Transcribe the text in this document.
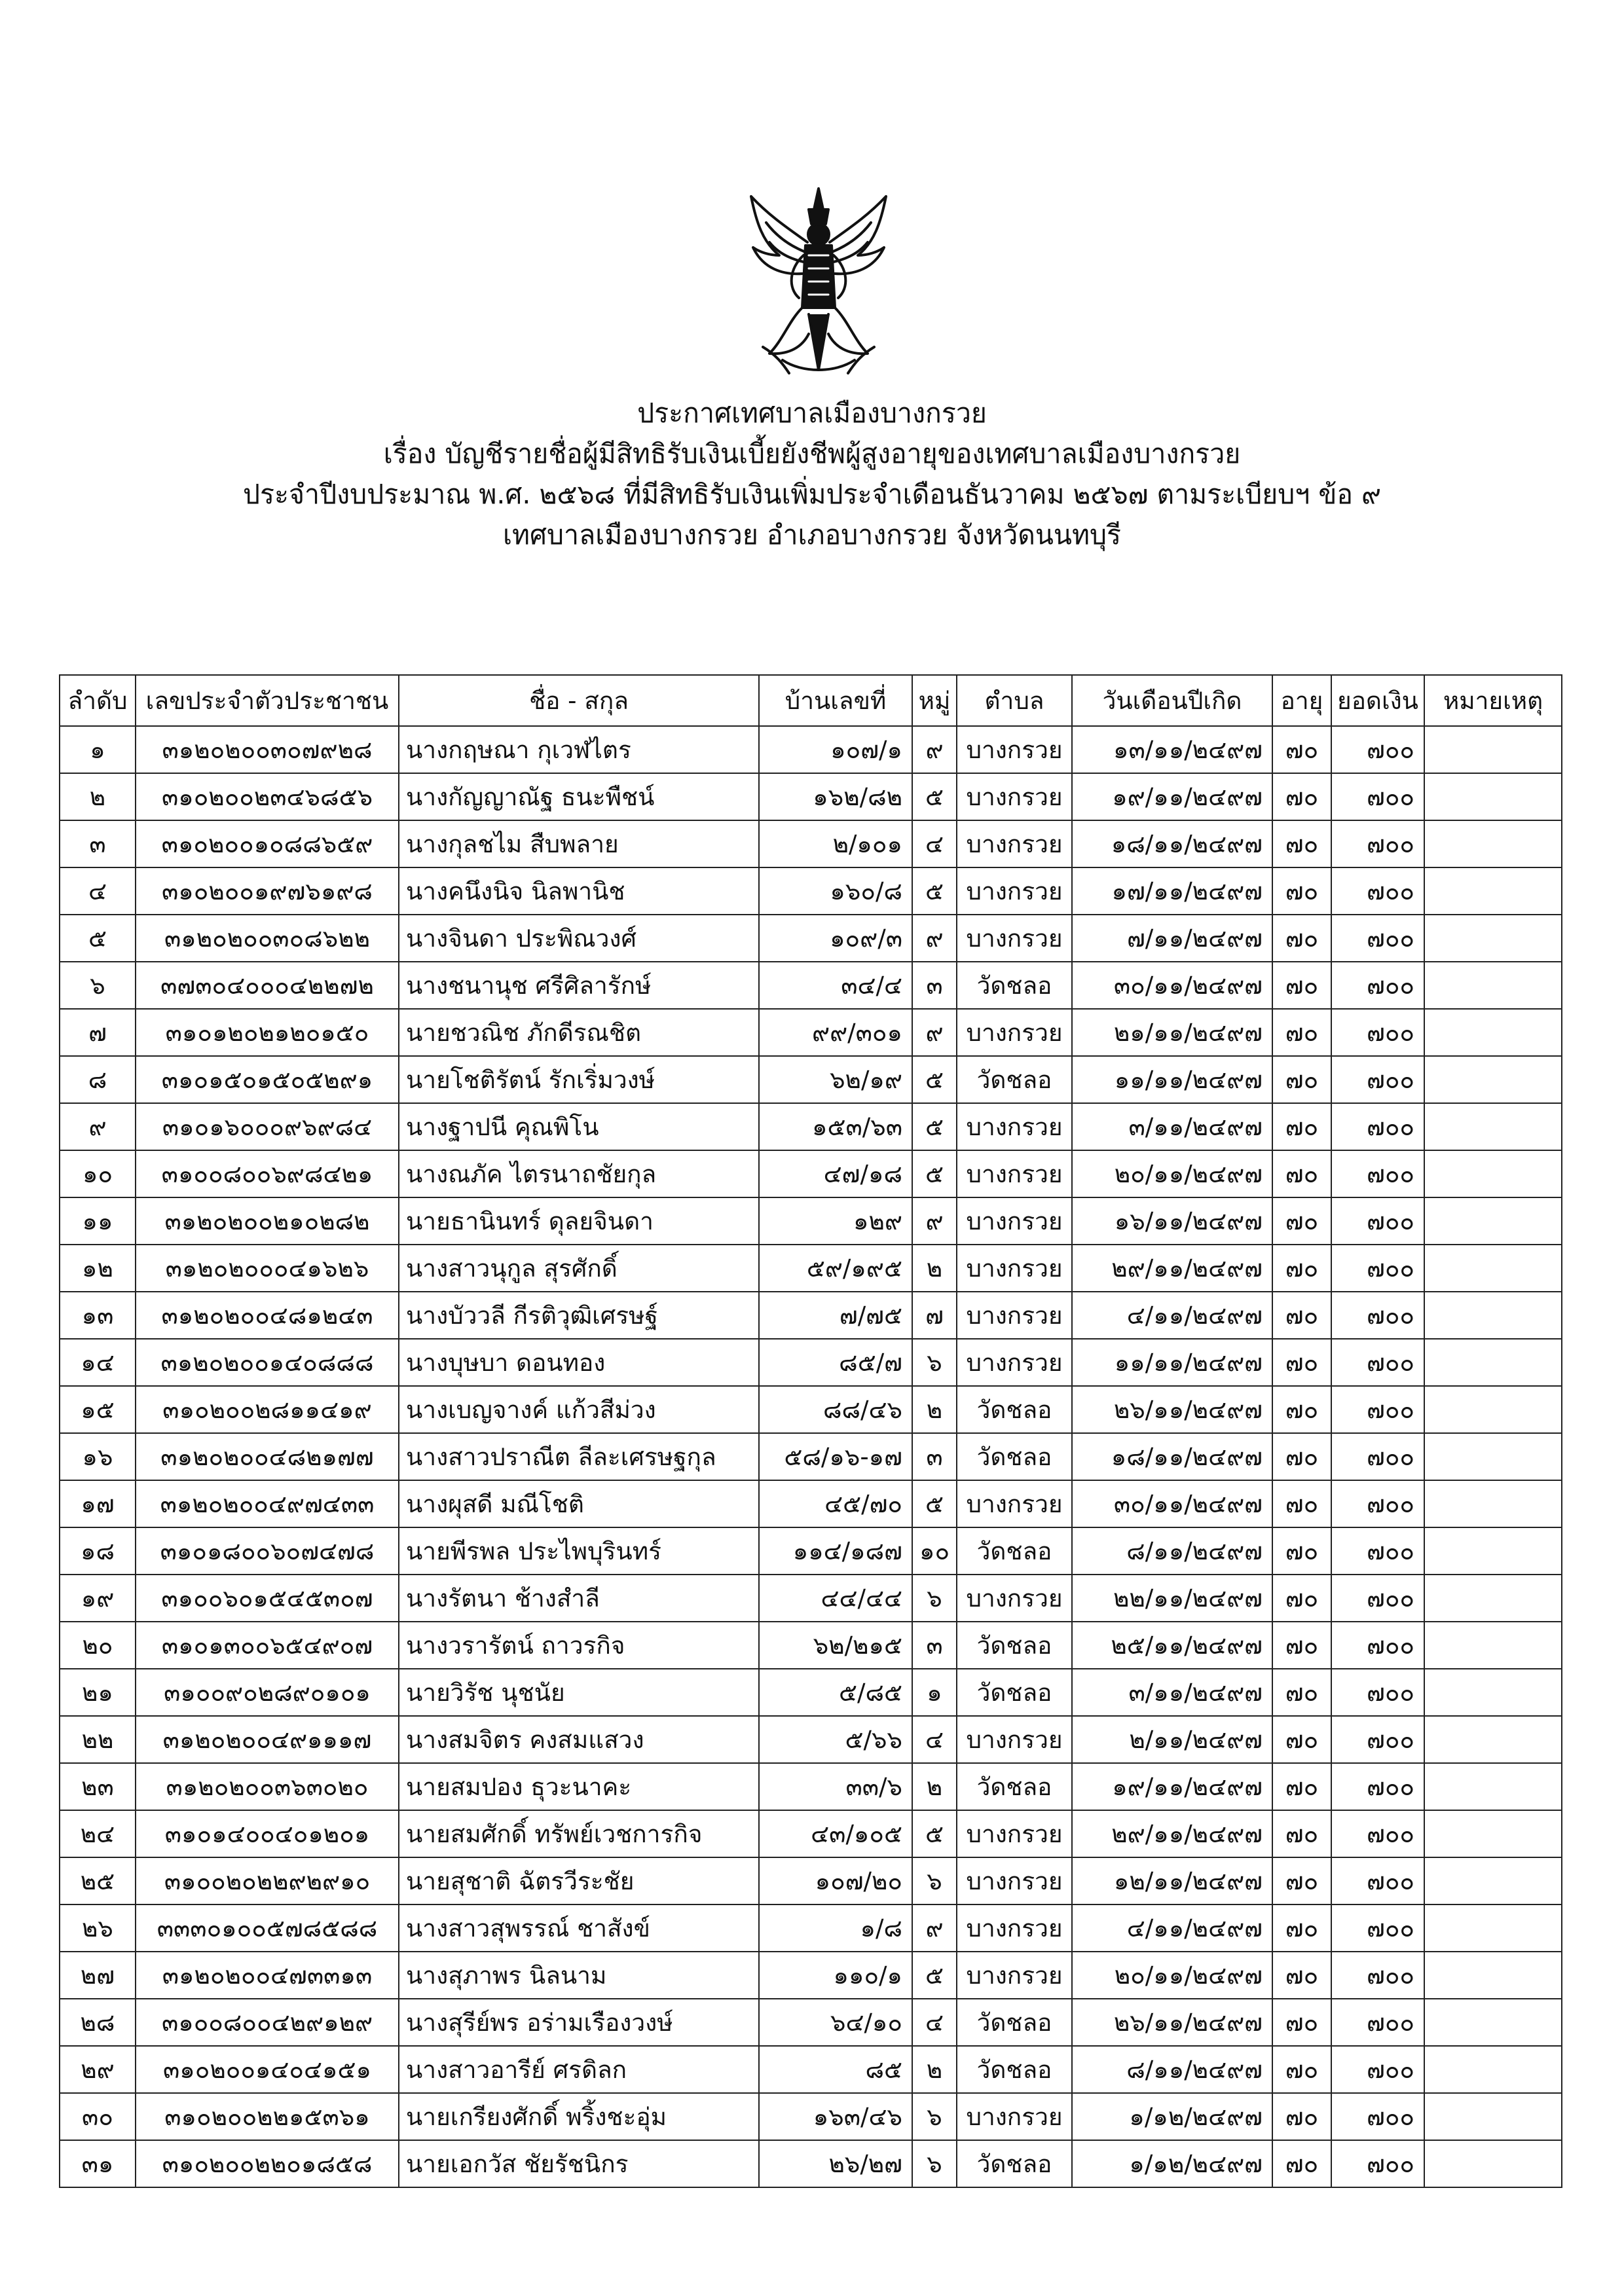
ประกาศเทศบาลเมืองบางกรวย
เรื่อง บัญชีรายชื่อผู้มีสิทธิรับเงินเบี้ยยังชีพผู้สูงอายุของเทศบาลเมืองบางกรวย
ประจำปีงบประมาณ พ.ศ. ๒๕๖๘ ที่มีสิทธิรับเงินเพิ่มประจำเดือนธันวาคม ๒๕๖๗ ตามระเบียบฯ ข้อ ๙
เทศบาลเมืองบางกรวย อำเภอบางกรวย จังหวัดนนทบุรี
ลำดับ	เลขประจำตัวประชาชน	ชื่อ - สกุล	บ้านเลขที่	หมู่	ตำบล	วันเดือนปีเกิด	อายุ	ยอดเงิน	หมายเหตุ
๑	๓๑๒๐๒๐๐๓๐๗๙๒๘	นางกฤษณา กุเวฬไตร	๑๐๗/๑	๙	บางกรวย	๑๓/๑๑/๒๔๙๗	๗๐	๗๐๐	
๒	๓๑๐๒๐๐๒๓๔๖๘๕๖	นางกัญญาณัฐ ธนะพืชน์	๑๖๒/๘๒	๕	บางกรวย	๑๙/๑๑/๒๔๙๗	๗๐	๗๐๐	
๓	๓๑๐๒๐๐๑๐๘๘๖๕๙	นางกุลชไม สืบพลาย	๒/๑๐๑	๔	บางกรวย	๑๘/๑๑/๒๔๙๗	๗๐	๗๐๐	
๔	๓๑๐๒๐๐๑๙๗๖๑๙๘	นางคนึงนิจ นิลพานิช	๑๖๐/๘	๕	บางกรวย	๑๗/๑๑/๒๔๙๗	๗๐	๗๐๐	
๕	๓๑๒๐๒๐๐๓๐๘๖๒๒	นางจินดา ประพิณวงศ์	๑๐๙/๓	๙	บางกรวย	๗/๑๑/๒๔๙๗	๗๐	๗๐๐	
๖	๓๗๓๐๔๐๐๐๔๒๒๗๒	นางชนานุช ศรีศิลารักษ์	๓๔/๔	๓	วัดชลอ	๓๐/๑๑/๒๔๙๗	๗๐	๗๐๐	
๗	๓๑๐๑๒๐๒๑๒๐๑๕๐	นายชวณิช ภักดีรณชิต	๙๙/๓๐๑	๙	บางกรวย	๒๑/๑๑/๒๔๙๗	๗๐	๗๐๐	
๘	๓๑๐๑๕๐๑๕๐๕๒๙๑	นายโชติรัตน์ รักเริ่มวงษ์	๖๒/๑๙	๕	วัดชลอ	๑๑/๑๑/๒๔๙๗	๗๐	๗๐๐	
๙	๓๑๐๑๖๐๐๐๙๖๙๘๔	นางฐาปนี คุณพิโน	๑๕๓/๖๓	๕	บางกรวย	๓/๑๑/๒๔๙๗	๗๐	๗๐๐	
๑๐	๓๑๐๐๘๐๐๖๙๘๔๒๑	นางณภัค ไตรนาถชัยกุล	๔๗/๑๘	๕	บางกรวย	๒๐/๑๑/๒๔๙๗	๗๐	๗๐๐	
๑๑	๓๑๒๐๒๐๐๒๑๐๒๘๒	นายธานินทร์ ดุลยจินดา	๑๒๙	๙	บางกรวย	๑๖/๑๑/๒๔๙๗	๗๐	๗๐๐	
๑๒	๓๑๒๐๒๐๐๐๔๑๖๒๖	นางสาวนุกูล สุรศักดิ์	๕๙/๑๙๕	๒	บางกรวย	๒๙/๑๑/๒๔๙๗	๗๐	๗๐๐	
๑๓	๓๑๒๐๒๐๐๔๘๑๒๔๓	นางบัววลี กีรติวุฒิเศรษฐ์	๗/๗๕	๗	บางกรวย	๔/๑๑/๒๔๙๗	๗๐	๗๐๐	
๑๔	๓๑๒๐๒๐๐๑๔๐๘๘๘	นางบุษบา ดอนทอง	๘๕/๗	๖	บางกรวย	๑๑/๑๑/๒๔๙๗	๗๐	๗๐๐	
๑๕	๓๑๐๒๐๐๒๘๑๑๔๑๙	นางเบญจางค์ แก้วสีม่วง	๘๘/๔๖	๒	วัดชลอ	๒๖/๑๑/๒๔๙๗	๗๐	๗๐๐	
๑๖	๓๑๒๐๒๐๐๔๘๒๑๗๗	นางสาวปราณีต ลีละเศรษฐกุล	๕๘/๑๖-๑๗	๓	วัดชลอ	๑๘/๑๑/๒๔๙๗	๗๐	๗๐๐	
๑๗	๓๑๒๐๒๐๐๔๙๗๔๓๓	นางผุสดี มณีโชติ	๔๕/๗๐	๕	บางกรวย	๓๐/๑๑/๒๔๙๗	๗๐	๗๐๐	
๑๘	๓๑๐๑๘๐๐๖๐๗๔๗๘	นายพีรพล ประไพบุรินทร์	๑๑๔/๑๘๗	๑๐	วัดชลอ	๘/๑๑/๒๔๙๗	๗๐	๗๐๐	
๑๙	๓๑๐๐๖๐๑๕๔๕๓๐๗	นางรัตนา ช้างสำลี	๔๔/๔๔	๖	บางกรวย	๒๒/๑๑/๒๔๙๗	๗๐	๗๐๐	
๒๐	๓๑๐๑๓๐๐๖๕๔๙๐๗	นางวรารัตน์ ถาวรกิจ	๖๒/๒๑๕	๓	วัดชลอ	๒๕/๑๑/๒๔๙๗	๗๐	๗๐๐	
๒๑	๓๑๐๐๙๐๒๘๙๐๑๐๑	นายวิรัช นุชนัย	๕/๘๕	๑	วัดชลอ	๓/๑๑/๒๔๙๗	๗๐	๗๐๐	
๒๒	๓๑๒๐๒๐๐๔๙๑๑๑๗	นางสมจิตร คงสมแสวง	๕/๖๖	๔	บางกรวย	๒/๑๑/๒๔๙๗	๗๐	๗๐๐	
๒๓	๓๑๒๐๒๐๐๓๖๓๐๒๐	นายสมปอง ธุวะนาคะ	๓๓/๖	๒	วัดชลอ	๑๙/๑๑/๒๔๙๗	๗๐	๗๐๐	
๒๔	๓๑๐๑๔๐๐๔๐๑๒๐๑	นายสมศักดิ์ ทรัพย์เวชการกิจ	๔๓/๑๐๕	๕	บางกรวย	๒๙/๑๑/๒๔๙๗	๗๐	๗๐๐	
๒๕	๓๑๐๐๒๐๒๒๙๒๙๑๐	นายสุชาติ ฉัตรวีระชัย	๑๐๗/๒๐	๖	บางกรวย	๑๒/๑๑/๒๔๙๗	๗๐	๗๐๐	
๒๖	๓๓๓๐๑๐๐๕๗๘๕๘๘	นางสาวสุพรรณ์ ชาสังข์	๑/๘	๙	บางกรวย	๔/๑๑/๒๔๙๗	๗๐	๗๐๐	
๒๗	๓๑๒๐๒๐๐๔๗๓๓๑๓	นางสุภาพร นิลนาม	๑๑๐/๑	๕	บางกรวย	๒๐/๑๑/๒๔๙๗	๗๐	๗๐๐	
๒๘	๓๑๐๐๘๐๐๔๒๙๑๒๙	นางสุรีย์พร อร่ามเรืองวงษ์	๖๔/๑๐	๔	วัดชลอ	๒๖/๑๑/๒๔๙๗	๗๐	๗๐๐	
๒๙	๓๑๐๒๐๐๑๔๐๔๑๕๑	นางสาวอารีย์ ศรดิลก	๘๕	๒	วัดชลอ	๘/๑๑/๒๔๙๗	๗๐	๗๐๐	
๓๐	๓๑๐๒๐๐๒๒๑๕๓๖๑	นายเกรียงศักดิ์ พริ้งชะอุ่ม	๑๖๓/๔๖	๖	บางกรวย	๑/๑๒/๒๔๙๗	๗๐	๗๐๐	
๓๑	๓๑๐๒๐๐๒๒๐๑๘๕๘	นายเอกวัส ชัยรัชนิกร	๒๖/๒๗	๖	วัดชลอ	๑/๑๒/๒๔๙๗	๗๐	๗๐๐	
